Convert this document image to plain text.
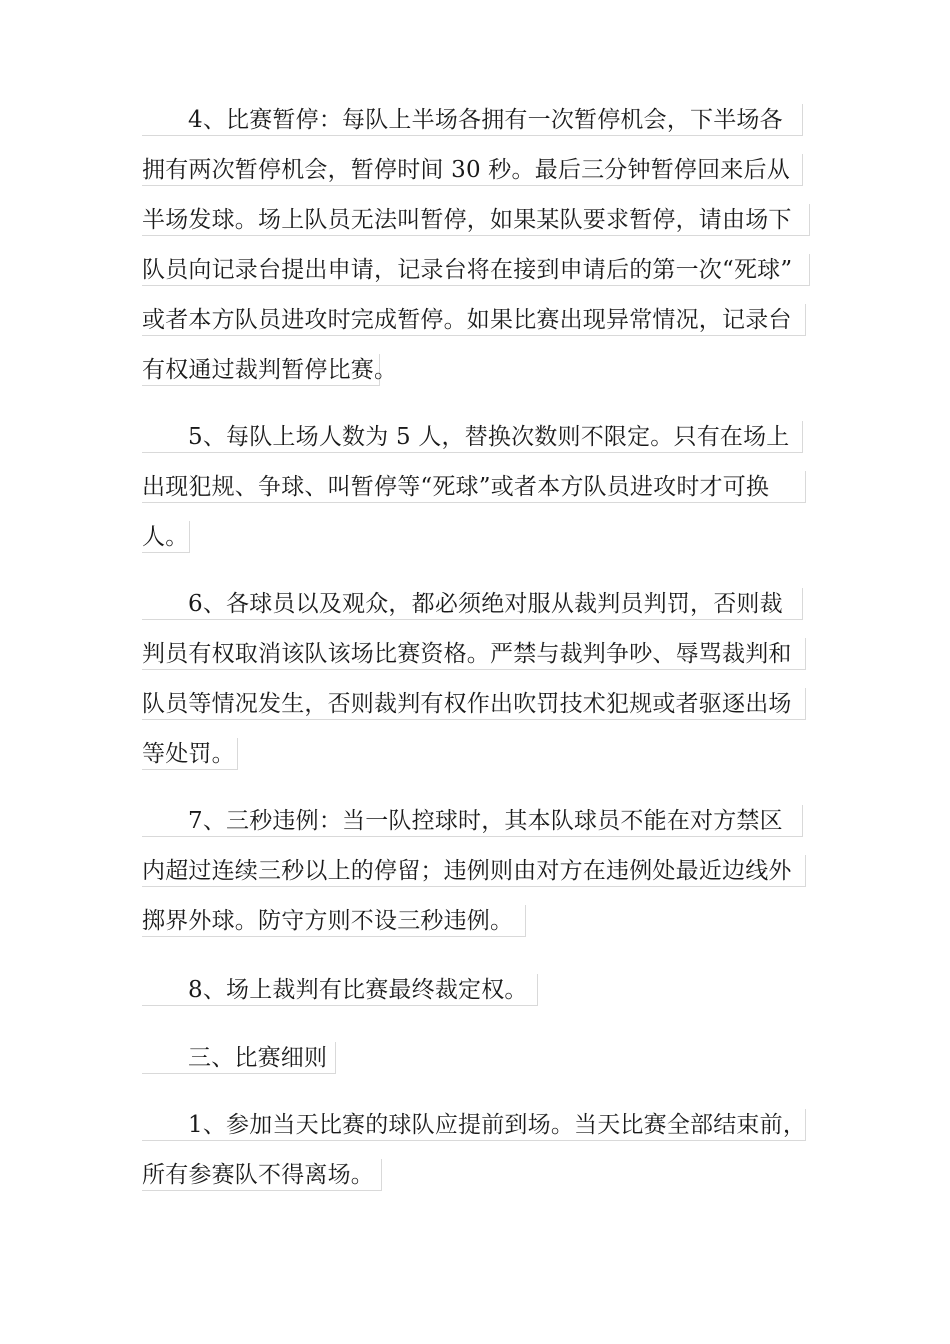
4、比赛暂停：每队上半场各拥有一次暂停机会，下半场各
拥有两次暂停机会，暂停时间 30 秒。最后三分钟暂停回来后从
半场发球。场上队员无法叫暂停，如果某队要求暂停，请由场下
队员向记录台提出申请，记录台将在接到申请后的第一次“死球”
或者本方队员进攻时完成暂停。如果比赛出现异常情况，记录台
有权通过裁判暂停比赛。
5、每队上场人数为 5 人，替换次数则不限定。只有在场上
出现犯规、争球、叫暂停等“死球”或者本方队员进攻时才可换
人。
6、各球员以及观众，都必须绝对服从裁判员判罚，否则裁
判员有权取消该队该场比赛资格。严禁与裁判争吵、辱骂裁判和
队员等情况发生，否则裁判有权作出吹罚技术犯规或者驱逐出场
等处罚。
7、三秒违例：当一队控球时，其本队球员不能在对方禁区
内超过连续三秒以上的停留；违例则由对方在违例处最近边线外
掷界外球。防守方则不设三秒违例。
8、场上裁判有比赛最终裁定权。
三、比赛细则
1、参加当天比赛的球队应提前到场。当天比赛全部结束前，
所有参赛队不得离场。
